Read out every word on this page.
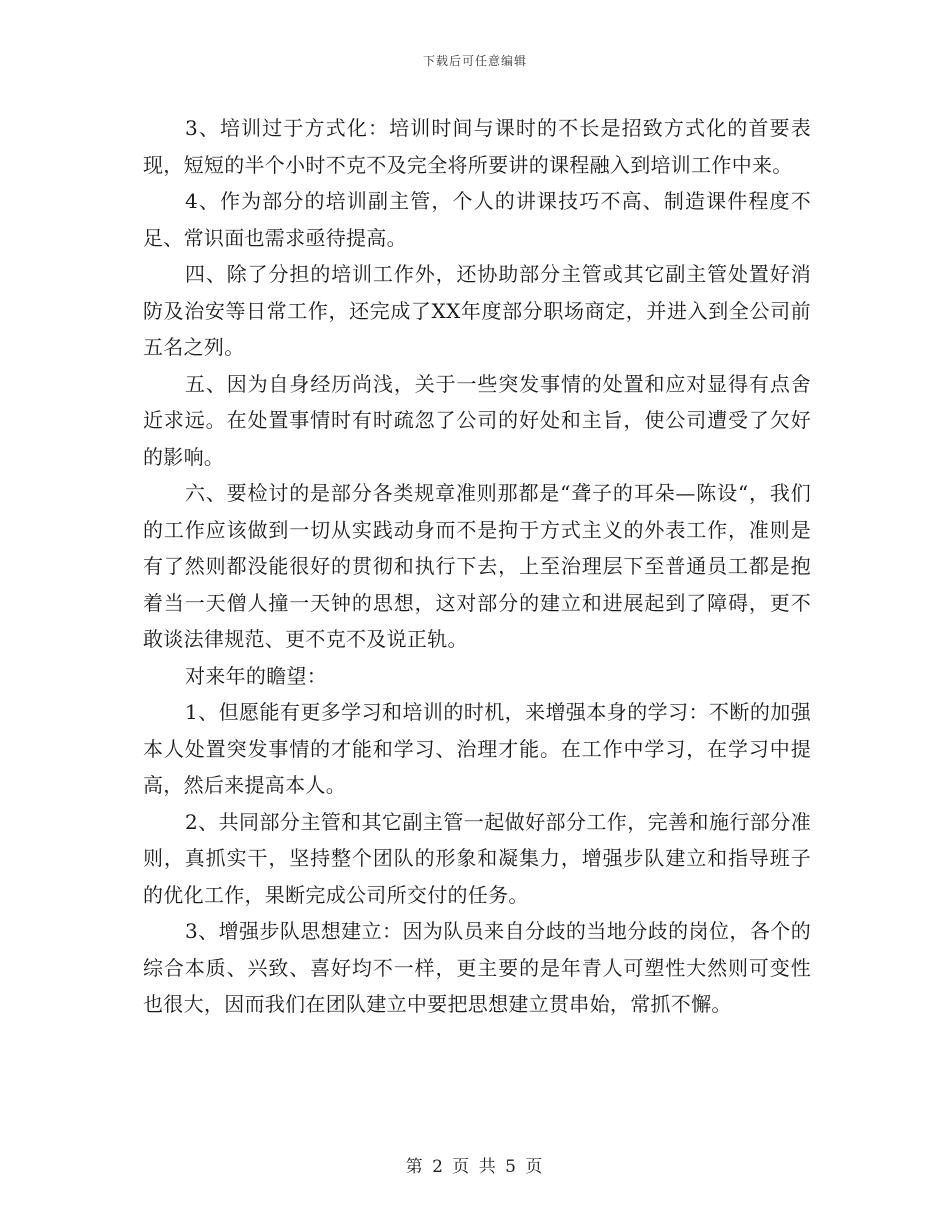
下载后可任意编辑

3、培训过于方式化：培训时间与课时的不长是招致方式化的首要表现，短短的半个小时不克不及完全将所要讲的课程融入到培训工作中来。

4、作为部分的培训副主管，个人的讲课技巧不高、制造课件程度不足、常识面也需求亟待提高。

四、除了分担的培训工作外，还协助部分主管或其它副主管处置好消防及治安等日常工作，还完成了XX年度部分职场商定，并进入到全公司前五名之列。

五、因为自身经历尚浅，关于一些突发事情的处置和应对显得有点舍近求远。在处置事情时有时疏忽了公司的好处和主旨，使公司遭受了欠好的影响。

六、要检讨的是部分各类规章准则那都是“聋子的耳朵—陈设“，我们的工作应该做到一切从实践动身而不是拘于方式主义的外表工作，准则是有了然则都没能很好的贯彻和执行下去，上至治理层下至普通员工都是抱着当一天僧人撞一天钟的思想，这对部分的建立和进展起到了障碍，更不敢谈法律规范、更不克不及说正轨。

对来年的瞻望：

1、但愿能有更多学习和培训的时机，来增强本身的学习：不断的加强本人处置突发事情的才能和学习、治理才能。在工作中学习，在学习中提高，然后来提高本人。

2、共同部分主管和其它副主管一起做好部分工作，完善和施行部分准则，真抓实干，坚持整个团队的形象和凝集力，增强步队建立和指导班子的优化工作，果断完成公司所交付的任务。

3、增强步队思想建立：因为队员来自分歧的当地分歧的岗位，各个的综合本质、兴致、喜好均不一样，更主要的是年青人可塑性大然则可变性也很大，因而我们在团队建立中要把思想建立贯串始，常抓不懈。

第 2 页 共 5 页
